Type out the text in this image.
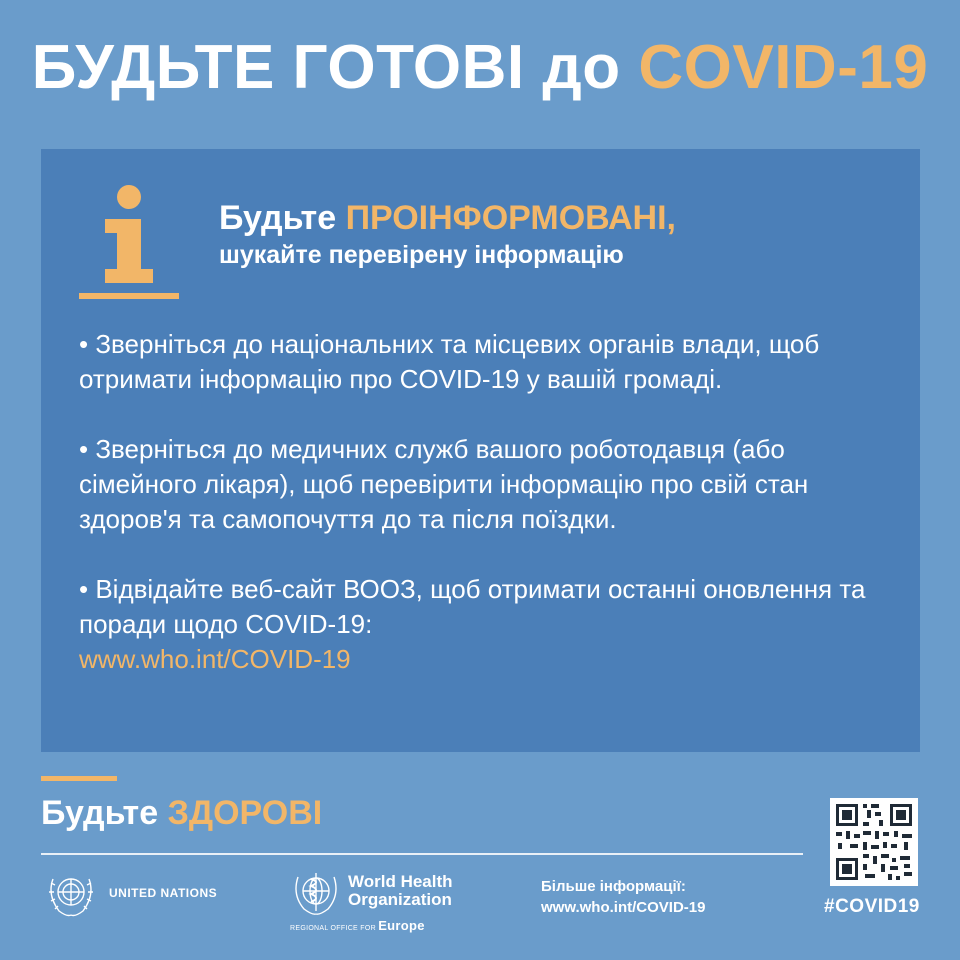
БУДЬТЕ ГОТОВІ до COVID-19
Будьте ПРОІНФОРМОВАНІ,
шукайте перевірену інформацію
• Зверніться до національних та місцевих органів влади, щоб отримати інформацію про COVID-19 у вашій громаді.
• Зверніться до медичних служб вашого роботодавця (або сімейного лікаря), щоб перевірити інформацію про свій стан здоров'я та самопочуття до та після поїздки.
• Відвідайте веб-сайт ВООЗ, щоб отримати останні оновлення та поради щодо COVID-19:
www.who.int/COVID-19
Будьте ЗДОРОВІ
UNITED NATIONS
World Health
Organization
REGIONAL OFFICE FOR Europe
Більше інформації:
www.who.int/COVID-19	#COVID19
